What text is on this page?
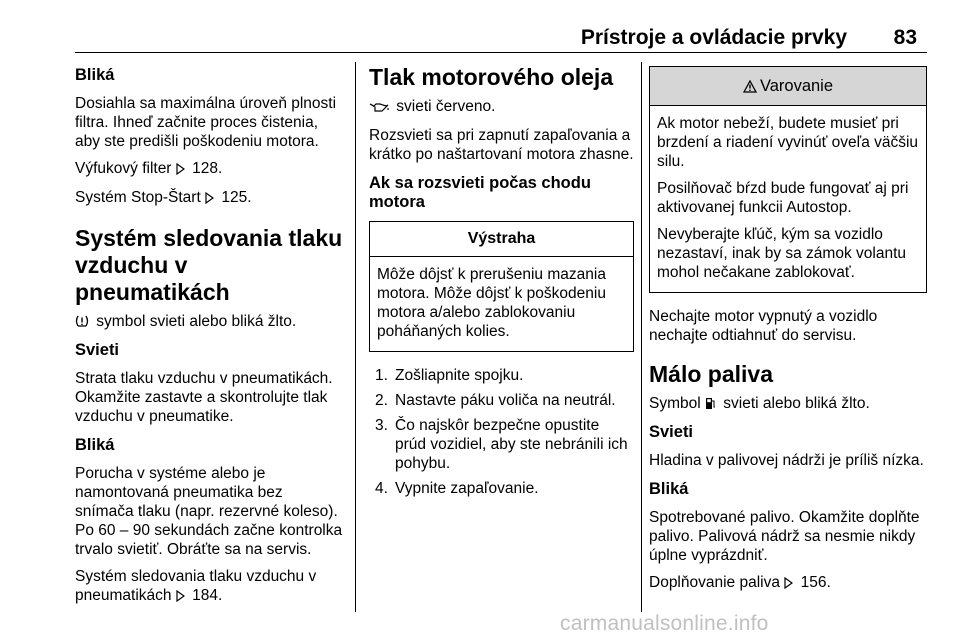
Prístroje a ovládacie prvky 83
Bliká

Dosiahla sa maximálna úroveň plnosti filtra. Ihneď začnite proces čistenia, aby ste predišli poškodeniu motora.

Výfukový filter  128.

Systém Stop-Štart  125.

Systém sledovania tlaku vzduchu v pneumatikách

symbol svieti alebo bliká žlto.

Svieti

Strata tlaku vzduchu v pneumatikách. Okamžite zastavte a skontrolujte tlak vzduchu v pneumatike.

Bliká

Porucha v systéme alebo je namontovaná pneumatika bez snímača tlaku (napr. rezervné koleso). Po 60 – 90 sekundách začne kontrolka trvalo svietiť. Obráťte sa na servis.

Systém sledovania tlaku vzduchu v pneumatikách  184.

Tlak motorového oleja

svieti červeno.

Rozsvieti sa pri zapnutí zapaľovania a krátko po naštartovaní motora zhasne.

Ak sa rozsvieti počas chodu motora
Výstraha

Môže dôjsť k prerušeniu mazania motora. Môže dôjsť k poškodeniu motora a/alebo zablokovaniu poháňaných kolies.

1. Zošliapnite spojku.
2. Nastavte páku voliča na neutrál.
3. Čo najskôr bezpečne opustite prúd vozidiel, aby ste nebránili ich pohybu.
4. Vypnite zapaľovanie.
Varovanie

Ak motor nebeží, budete musieť pri brzdení a riadení vyvinúť oveľa väčšiu silu.

Posilňovač bŕzd bude fungovať aj pri aktivovanej funkcii Autostop.

Nevyberajte kľúč, kým sa vozidlo nezastaví, inak by sa zámok volantu mohol nečakane zablokovať.

Nechajte motor vypnutý a vozidlo nechajte odtiahnuť do servisu.

Málo paliva

Symbol  svieti alebo bliká žlto.

Svieti

Hladina v palivovej nádrži je príliš nízka.

Bliká

Spotrebované palivo. Okamžite doplňte palivo. Palivová nádrž sa nesmie nikdy úplne vyprázdniť.

Doplňovanie paliva  156.

carmanualsonline.info
